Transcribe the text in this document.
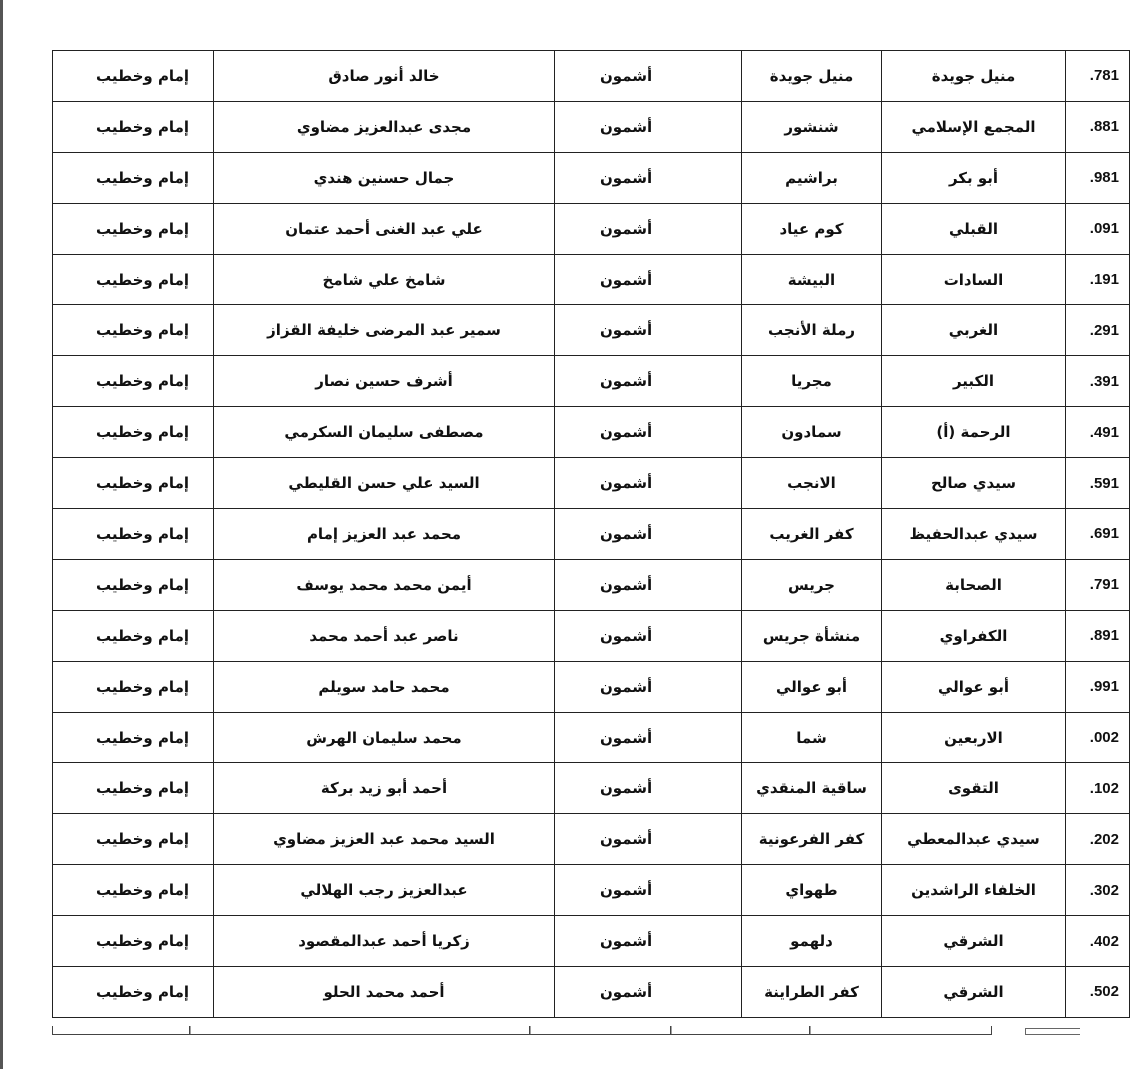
إمام وخطيب	خالد أنور صادق	أشمون	منيل جويدة	منيل جويدة	.781
إمام وخطيب	مجدى عبدالعزيز مضاوي	أشمون	شنشور	المجمع الإسلامي	.881
إمام وخطيب	جمال حسنين هندي	أشمون	براشيم	أبو بكر	.981
إمام وخطيب	علي عبد الغنى أحمد عتمان	أشمون	كوم عياد	القبلي	.091
إمام وخطيب	شامخ علي شامخ	أشمون	البيشة	السادات	.191
إمام وخطيب	سمير عبد المرضى خليفة القزاز	أشمون	رملة الأنجب	الغربي	.291
إمام وخطيب	أشرف حسين نصار	أشمون	مجريا	الكبير	.391
إمام وخطيب	مصطفى سليمان السكرمي	أشمون	سمادون	الرحمة (أ)	.491
إمام وخطيب	السيد علي حسن القليطي	أشمون	الانجب	سيدي صالح	.591
إمام وخطيب	محمد عبد العزيز إمام	أشمون	كفر الغريب	سيدي عبدالحفيظ	.691
إمام وخطيب	أيمن محمد محمد يوسف	أشمون	جريس	الصحابة	.791
إمام وخطيب	ناصر عبد أحمد محمد	أشمون	منشأة جريس	الكفراوي	.891
إمام وخطيب	محمد حامد سويلم	أشمون	أبو عوالي	أبو عوالي	.991
إمام وخطيب	محمد سليمان الهرش	أشمون	شما	الاربعين	.002
إمام وخطيب	أحمد أبو زيد بركة	أشمون	ساقية المنقدي	التقوى	.102
إمام وخطيب	السيد محمد عبد العزيز مضاوي	أشمون	كفر الفرعونية	سيدي عبدالمعطي	.202
إمام وخطيب	عبدالعزيز رجب الهلالي	أشمون	طهواي	الخلفاء الراشدين	.302
إمام وخطيب	زكريا أحمد عبدالمقصود	أشمون	دلهمو	الشرقي	.402
إمام وخطيب	أحمد محمد الحلو	أشمون	كفر الطراينة	الشرقي	.502
